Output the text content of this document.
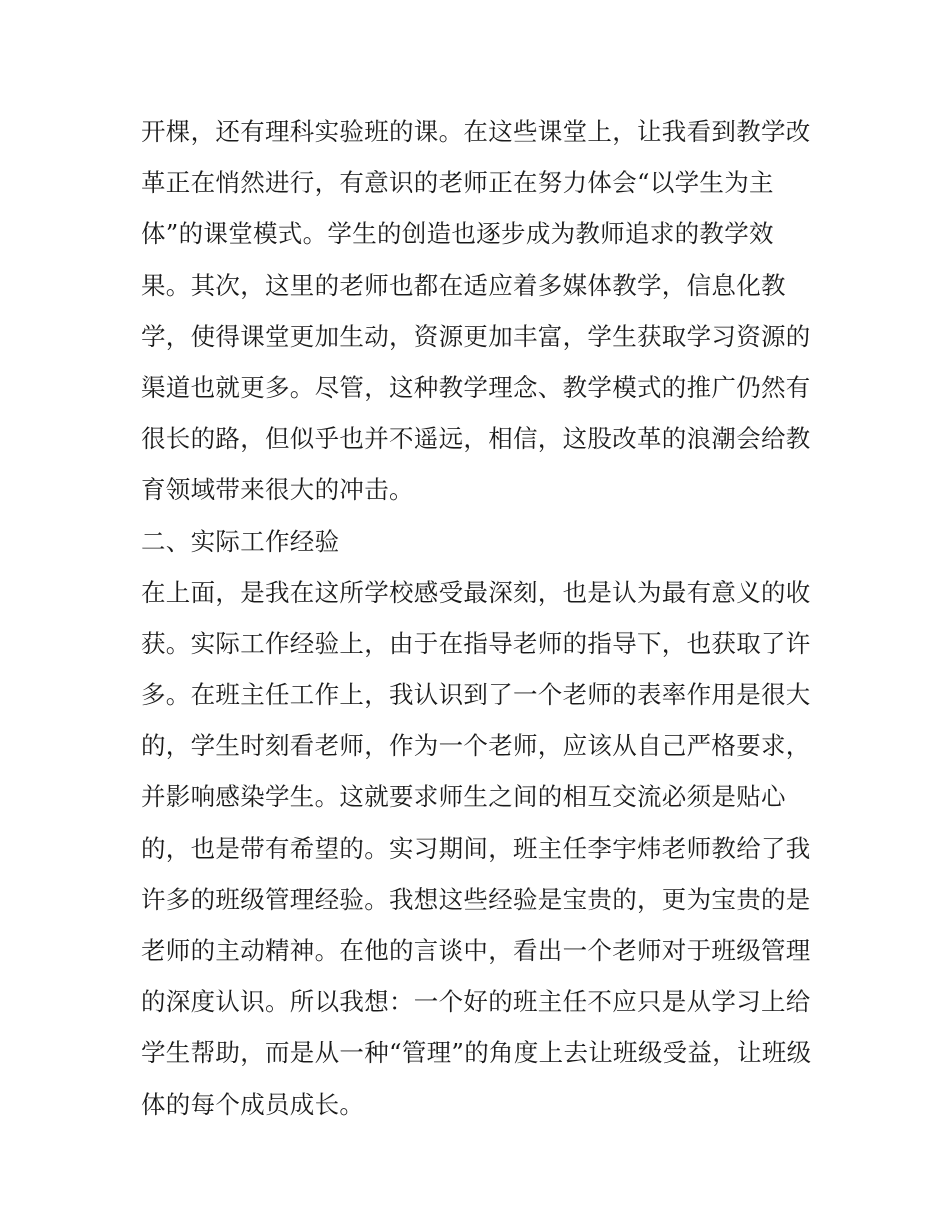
开棵，还有理科实验班的课。在这些课堂上，让我看到教学改
革正在悄然进行，有意识的老师正在努力体会“以学生为主
体”的课堂模式。学生的创造也逐步成为教师追求的教学效
果。其次，这里的老师也都在适应着多媒体教学，信息化教
学，使得课堂更加生动，资源更加丰富，学生获取学习资源的
渠道也就更多。尽管，这种教学理念、教学模式的推广仍然有
很长的路，但似乎也并不遥远，相信，这股改革的浪潮会给教
育领域带来很大的冲击。
二、实际工作经验
在上面，是我在这所学校感受最深刻，也是认为最有意义的收
获。实际工作经验上，由于在指导老师的指导下，也获取了许
多。在班主任工作上，我认识到了一个老师的表率作用是很大
的，学生时刻看老师，作为一个老师，应该从自己严格要求，
并影响感染学生。这就要求师生之间的相互交流必须是贴心
的，也是带有希望的。实习期间，班主任李宇炜老师教给了我
许多的班级管理经验。我想这些经验是宝贵的，更为宝贵的是
老师的主动精神。在他的言谈中，看出一个老师对于班级管理
的深度认识。所以我想：一个好的班主任不应只是从学习上给
学生帮助，而是从一种“管理”的角度上去让班级受益，让班级
体的每个成员成长。
